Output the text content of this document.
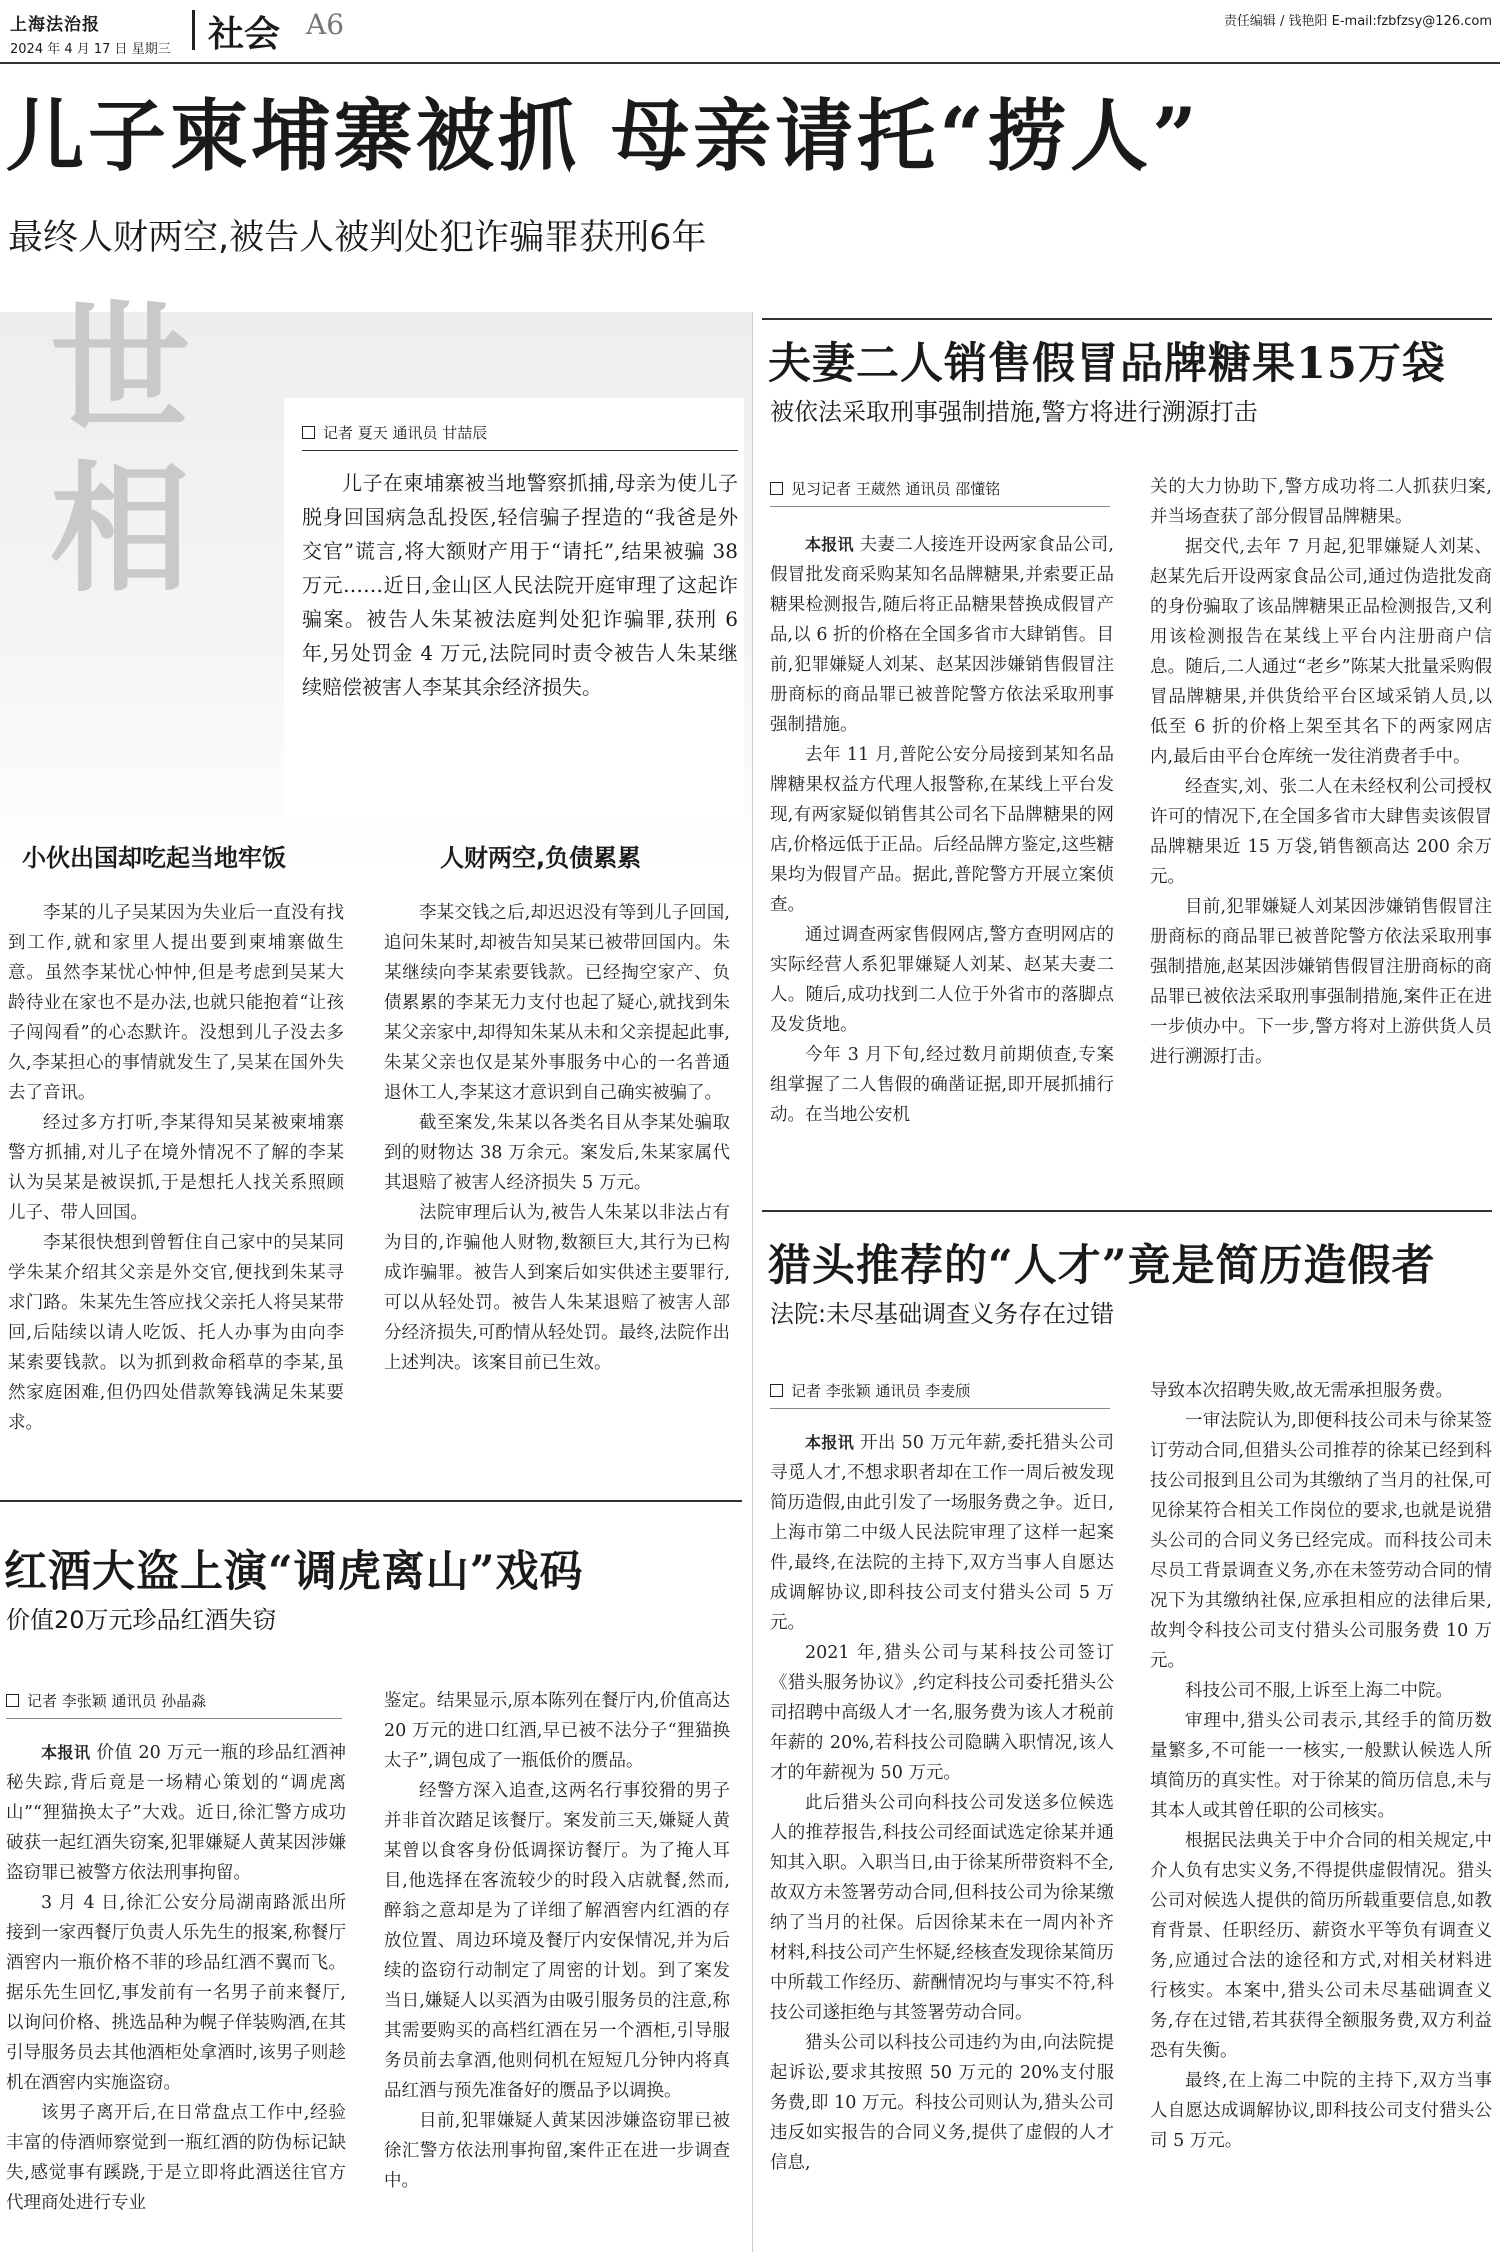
上海法治报
2024 年 4 月 17 日 星期三 社会 A6	责任编辑 / 钱艳阳 E-mail:fzbfzsy@126.com
儿子柬埔寨被抓 母亲请托“捞人”
最终人财两空,被告人被判处犯诈骗罪获刑6年
世
相
记者 夏天 通讯员 甘喆辰
儿子在柬埔寨被当地警察抓捕,母亲为使儿子脱身回国病急乱投医,轻信骗子捏造的“我爸是外交官”谎言,将大额财产用于“请托”,结果被骗 38 万元……近日,金山区人民法院开庭审理了这起诈骗案。被告人朱某被法庭判处犯诈骗罪,获刑 6 年,另处罚金 4 万元,法院同时责令被告人朱某继续赔偿被害人李某其余经济损失。
小伙出国却吃起当地牢饭	人财两空,负债累累

李某的儿子吴某因为失业后一直没有找到工作,就和家里人提出要到柬埔寨做生意。虽然李某忧心忡忡,但是考虑到吴某大龄待业在家也不是办法,也就只能抱着“让孩子闯闯看”的心态默许。没想到儿子没去多久,李某担心的事情就发生了,吴某在国外失去了音讯。

经过多方打听,李某得知吴某被柬埔寨警方抓捕,对儿子在境外情况不了解的李某认为吴某是被误抓,于是想托人找关系照顾儿子、带人回国。

李某很快想到曾暂住自己家中的吴某同学朱某介绍其父亲是外交官,便找到朱某寻求门路。朱某先生答应找父亲托人将吴某带回,后陆续以请人吃饭、托人办事为由向李某索要钱款。以为抓到救命稻草的李某,虽然家庭困难,但仍四处借款筹钱满足朱某要求。

李某交钱之后,却迟迟没有等到儿子回国,追问朱某时,却被告知吴某已被带回国内。朱某继续向李某索要钱款。已经掏空家产、负债累累的李某无力支付也起了疑心,就找到朱某父亲家中,却得知朱某从未和父亲提起此事,朱某父亲也仅是某外事服务中心的一名普通退休工人,李某这才意识到自己确实被骗了。

截至案发,朱某以各类名目从李某处骗取到的财物达 38 万余元。案发后,朱某家属代其退赔了被害人经济损失 5 万元。

法院审理后认为,被告人朱某以非法占有为目的,诈骗他人财物,数额巨大,其行为已构成诈骗罪。被告人到案后如实供述主要罪行,可以从轻处罚。被告人朱某退赔了被害人部分经济损失,可酌情从轻处罚。最终,法院作出上述判决。该案目前已生效。

夫妻二人销售假冒品牌糖果15万袋
被依法采取刑事强制措施,警方将进行溯源打击
见习记者 王葳然 通讯员 邵懂铭

本报讯 夫妻二人接连开设两家食品公司,假冒批发商采购某知名品牌糖果,并索要正品糖果检测报告,随后将正品糖果替换成假冒产品,以 6 折的价格在全国多省市大肆销售。目前,犯罪嫌疑人刘某、赵某因涉嫌销售假冒注册商标的商品罪已被普陀警方依法采取刑事强制措施。

去年 11 月,普陀公安分局接到某知名品牌糖果权益方代理人报警称,在某线上平台发现,有两家疑似销售其公司名下品牌糖果的网店,价格远低于正品。后经品牌方鉴定,这些糖果均为假冒产品。据此,普陀警方开展立案侦查。

通过调查两家售假网店,警方查明网店的实际经营人系犯罪嫌疑人刘某、赵某夫妻二人。随后,成功找到二人位于外省市的落脚点及发货地。

今年 3 月下旬,经过数月前期侦查,专案组掌握了二人售假的确凿证据,即开展抓捕行动。在当地公安机

关的大力协助下,警方成功将二人抓获归案,并当场查获了部分假冒品牌糖果。

据交代,去年 7 月起,犯罪嫌疑人刘某、赵某先后开设两家食品公司,通过伪造批发商的身份骗取了该品牌糖果正品检测报告,又利用该检测报告在某线上平台内注册商户信息。随后,二人通过“老乡”陈某大批量采购假冒品牌糖果,并供货给平台区域采销人员,以低至 6 折的价格上架至其名下的两家网店内,最后由平台仓库统一发往消费者手中。

经查实,刘、张二人在未经权利公司授权许可的情况下,在全国多省市大肆售卖该假冒品牌糖果近 15 万袋,销售额高达 200 余万元。

目前,犯罪嫌疑人刘某因涉嫌销售假冒注册商标的商品罪已被普陀警方依法采取刑事强制措施,赵某因涉嫌销售假冒注册商标的商品罪已被依法采取刑事强制措施,案件正在进一步侦办中。下一步,警方将对上游供货人员进行溯源打击。

猎头推荐的“人才”竟是简历造假者
法院:未尽基础调查义务存在过错
记者 李张颖 通讯员 李麦颀

本报讯 开出 50 万元年薪,委托猎头公司寻觅人才,不想求职者却在工作一周后被发现简历造假,由此引发了一场服务费之争。近日,上海市第二中级人民法院审理了这样一起案件,最终,在法院的主持下,双方当事人自愿达成调解协议,即科技公司支付猎头公司 5 万元。

2021 年,猎头公司与某科技公司签订《猎头服务协议》,约定科技公司委托猎头公司招聘中高级人才一名,服务费为该人才税前年薪的 20%,若科技公司隐瞒入职情况,该人才的年薪视为 50 万元。

此后猎头公司向科技公司发送多位候选人的推荐报告,科技公司经面试选定徐某并通知其入职。入职当日,由于徐某所带资料不全,故双方未签署劳动合同,但科技公司为徐某缴纳了当月的社保。后因徐某未在一周内补齐材料,科技公司产生怀疑,经核查发现徐某简历中所载工作经历、薪酬情况均与事实不符,科技公司遂拒绝与其签署劳动合同。

猎头公司以科技公司违约为由,向法院提起诉讼,要求其按照 50 万元的 20%支付服务费,即 10 万元。科技公司则认为,猎头公司违反如实报告的合同义务,提供了虚假的人才信息,

导致本次招聘失败,故无需承担服务费。

一审法院认为,即便科技公司未与徐某签订劳动合同,但猎头公司推荐的徐某已经到科技公司报到且公司为其缴纳了当月的社保,可见徐某符合相关工作岗位的要求,也就是说猎头公司的合同义务已经完成。而科技公司未尽员工背景调查义务,亦在未签劳动合同的情况下为其缴纳社保,应承担相应的法律后果,故判令科技公司支付猎头公司服务费 10 万元。

科技公司不服,上诉至上海二中院。

审理中,猎头公司表示,其经手的简历数量繁多,不可能一一核实,一般默认候选人所填简历的真实性。对于徐某的简历信息,未与其本人或其曾任职的公司核实。

根据民法典关于中介合同的相关规定,中介人负有忠实义务,不得提供虚假情况。猎头公司对候选人提供的简历所载重要信息,如教育背景、任职经历、薪资水平等负有调查义务,应通过合法的途径和方式,对相关材料进行核实。本案中,猎头公司未尽基础调查义务,存在过错,若其获得全额服务费,双方利益恐有失衡。

最终,在上海二中院的主持下,双方当事人自愿达成调解协议,即科技公司支付猎头公司 5 万元。

红酒大盗上演“调虎离山”戏码
价值20万元珍品红酒失窃
记者 李张颖 通讯员 孙晶淼

本报讯 价值 20 万元一瓶的珍品红酒神秘失踪,背后竟是一场精心策划的“调虎离山”“狸猫换太子”大戏。近日,徐汇警方成功破获一起红酒失窃案,犯罪嫌疑人黄某因涉嫌盗窃罪已被警方依法刑事拘留。

3 月 4 日,徐汇公安分局湖南路派出所接到一家西餐厅负责人乐先生的报案,称餐厅酒窖内一瓶价格不菲的珍品红酒不翼而飞。据乐先生回忆,事发前有一名男子前来餐厅,以询问价格、挑选品种为幌子佯装购酒,在其引导服务员去其他酒柜处拿酒时,该男子则趁机在酒窖内实施盗窃。

该男子离开后,在日常盘点工作中,经验丰富的侍酒师察觉到一瓶红酒的防伪标记缺失,感觉事有蹊跷,于是立即将此酒送往官方代理商处进行专业

鉴定。结果显示,原本陈列在餐厅内,价值高达 20 万元的进口红酒,早已被不法分子“狸猫换太子”,调包成了一瓶低价的赝品。

经警方深入追查,这两名行事狡猾的男子并非首次踏足该餐厅。案发前三天,嫌疑人黄某曾以食客身份低调探访餐厅。为了掩人耳目,他选择在客流较少的时段入店就餐,然而,醉翁之意却是为了详细了解酒窖内红酒的存放位置、周边环境及餐厅内安保情况,并为后续的盗窃行动制定了周密的计划。到了案发当日,嫌疑人以买酒为由吸引服务员的注意,称其需要购买的高档红酒在另一个酒柜,引导服务员前去拿酒,他则伺机在短短几分钟内将真品红酒与预先准备好的赝品予以调换。

目前,犯罪嫌疑人黄某因涉嫌盗窃罪已被徐汇警方依法刑事拘留,案件正在进一步调查中。
